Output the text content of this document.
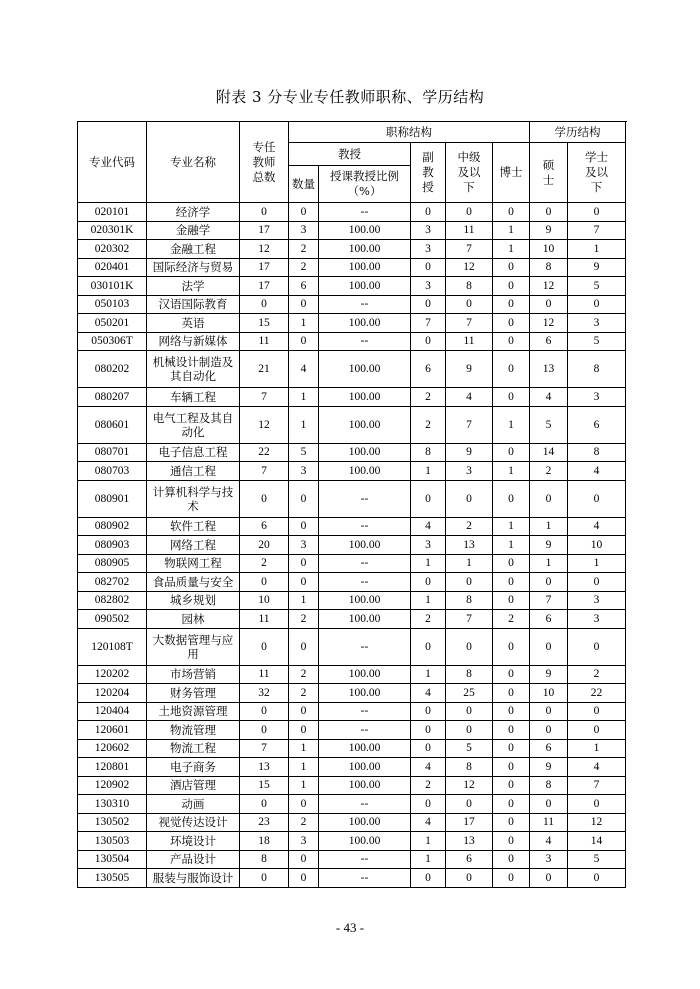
附表 3 分专业专任教师职称、学历结构
专业代码	专业名称	专任教师总数	职称结构					学历结构	
			教授		副教授	中级及以下	博士	硕士	学士及以下
			数量	授课教授比例（%）					
020101	经济学	0	0	--	0	0	0	0	0
020301K	金融学	17	3	100.00	3	11	1	9	7
020302	金融工程	12	2	100.00	3	7	1	10	1
020401	国际经济与贸易	17	2	100.00	0	12	0	8	9
030101K	法学	17	6	100.00	3	8	0	12	5
050103	汉语国际教育	0	0	--	0	0	0	0	0
050201	英语	15	1	100.00	7	7	0	12	3
050306T	网络与新媒体	11	0	--	0	11	0	6	5
080202	机械设计制造及其自动化	21	4	100.00	6	9	0	13	8
080207	车辆工程	7	1	100.00	2	4	0	4	3
080601	电气工程及其自动化	12	1	100.00	2	7	1	5	6
080701	电子信息工程	22	5	100.00	8	9	0	14	8
080703	通信工程	7	3	100.00	1	3	1	2	4
080901	计算机科学与技术	0	0	--	0	0	0	0	0
080902	软件工程	6	0	--	4	2	1	1	4
080903	网络工程	20	3	100.00	3	13	1	9	10
080905	物联网工程	2	0	--	1	1	0	1	1
082702	食品质量与安全	0	0	--	0	0	0	0	0
082802	城乡规划	10	1	100.00	1	8	0	7	3
090502	园林	11	2	100.00	2	7	2	6	3
120108T	大数据管理与应用	0	0	--	0	0	0	0	0
120202	市场营销	11	2	100.00	1	8	0	9	2
120204	财务管理	32	2	100.00	4	25	0	10	22
120404	土地资源管理	0	0	--	0	0	0	0	0
120601	物流管理	0	0	--	0	0	0	0	0
120602	物流工程	7	1	100.00	0	5	0	6	1
120801	电子商务	13	1	100.00	4	8	0	9	4
120902	酒店管理	15	1	100.00	2	12	0	8	7
130310	动画	0	0	--	0	0	0	0	0
130502	视觉传达设计	23	2	100.00	4	17	0	11	12
130503	环境设计	18	3	100.00	1	13	0	4	14
130504	产品设计	8	0	--	1	6	0	3	5
130505	服装与服饰设计	0	0	--	0	0	0	0	0
- 43 -
